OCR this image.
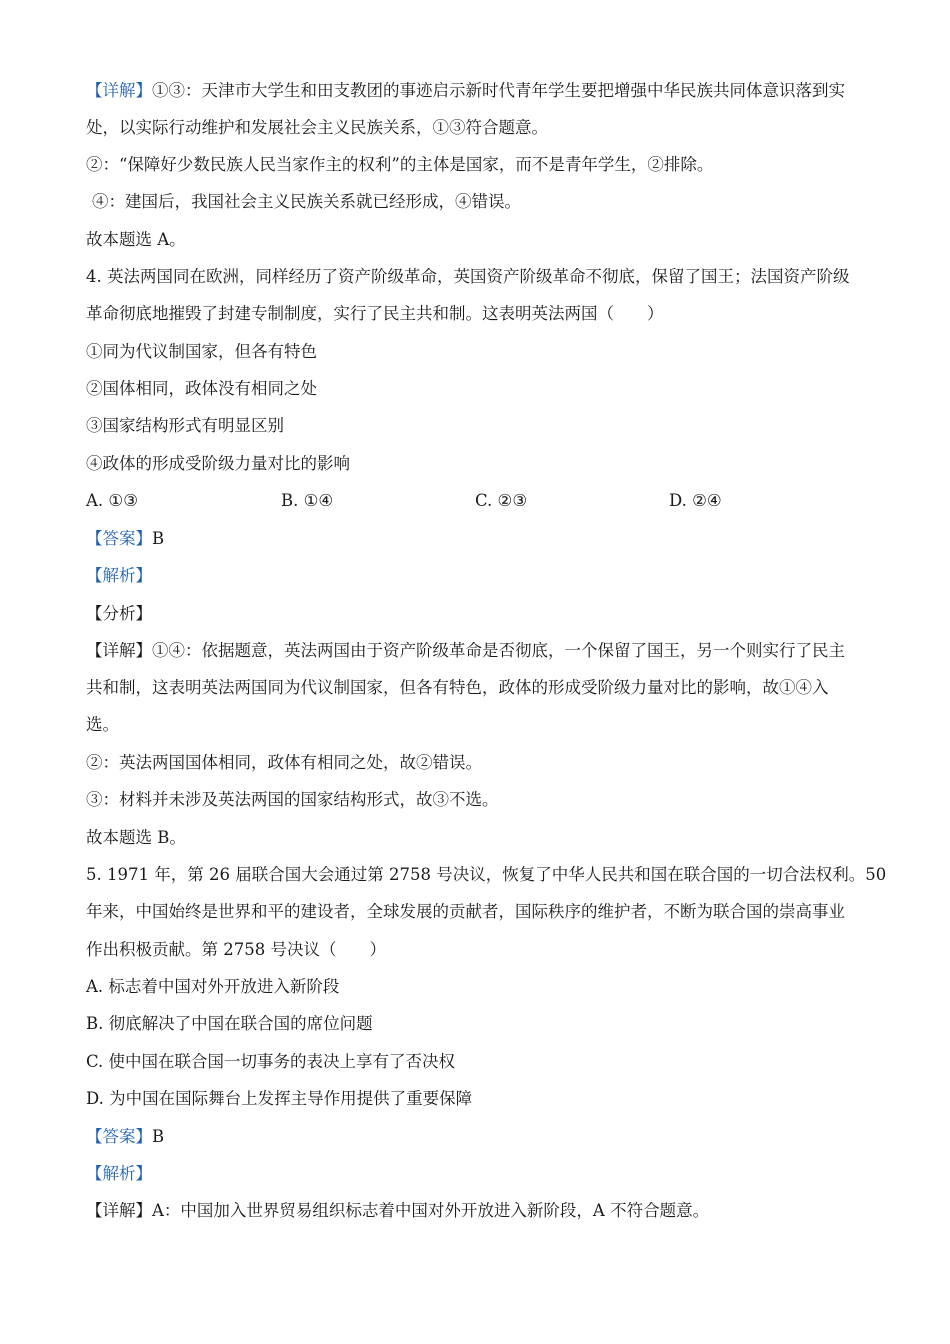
【详解】①③：天津市大学生和田支教团的事迹启示新时代青年学生要把增强中华民族共同体意识落到实
处，以实际行动维护和发展社会主义民族关系，①③符合题意。
②：“保障好少数民族人民当家作主的权利”的主体是国家，而不是青年学生，②排除。
④：建国后，我国社会主义民族关系就已经形成，④错误。
故本题选 A。
4. 英法两国同在欧洲，同样经历了资产阶级革命，英国资产阶级革命不彻底，保留了国王；法国资产阶级
革命彻底地摧毁了封建专制制度，实行了民主共和制。这表明英法两国（　　）
①同为代议制国家，但各有特色
②国体相同，政体没有相同之处
③国家结构形式有明显区别
④政体的形成受阶级力量对比的影响
A. ①③	B. ①④	C. ②③	D. ②④
【答案】B
【解析】
【分析】
【详解】①④：依据题意，英法两国由于资产阶级革命是否彻底，一个保留了国王，另一个则实行了民主
共和制，这表明英法两国同为代议制国家，但各有特色，政体的形成受阶级力量对比的影响，故①④入
选。
②：英法两国国体相同，政体有相同之处，故②错误。
③：材料并未涉及英法两国的国家结构形式，故③不选。
故本题选 B。
5. 1971 年，第 26 届联合国大会通过第 2758 号决议，恢复了中华人民共和国在联合国的一切合法权利。50
年来，中国始终是世界和平的建设者，全球发展的贡献者，国际秩序的维护者，不断为联合国的崇高事业
作出积极贡献。第 2758 号决议（　　）
A. 标志着中国对外开放进入新阶段
B. 彻底解决了中国在联合国的席位问题
C. 使中国在联合国一切事务的表决上享有了否决权
D. 为中国在国际舞台上发挥主导作用提供了重要保障
【答案】B
【解析】
【详解】A：中国加入世界贸易组织标志着中国对外开放进入新阶段，A 不符合题意。
